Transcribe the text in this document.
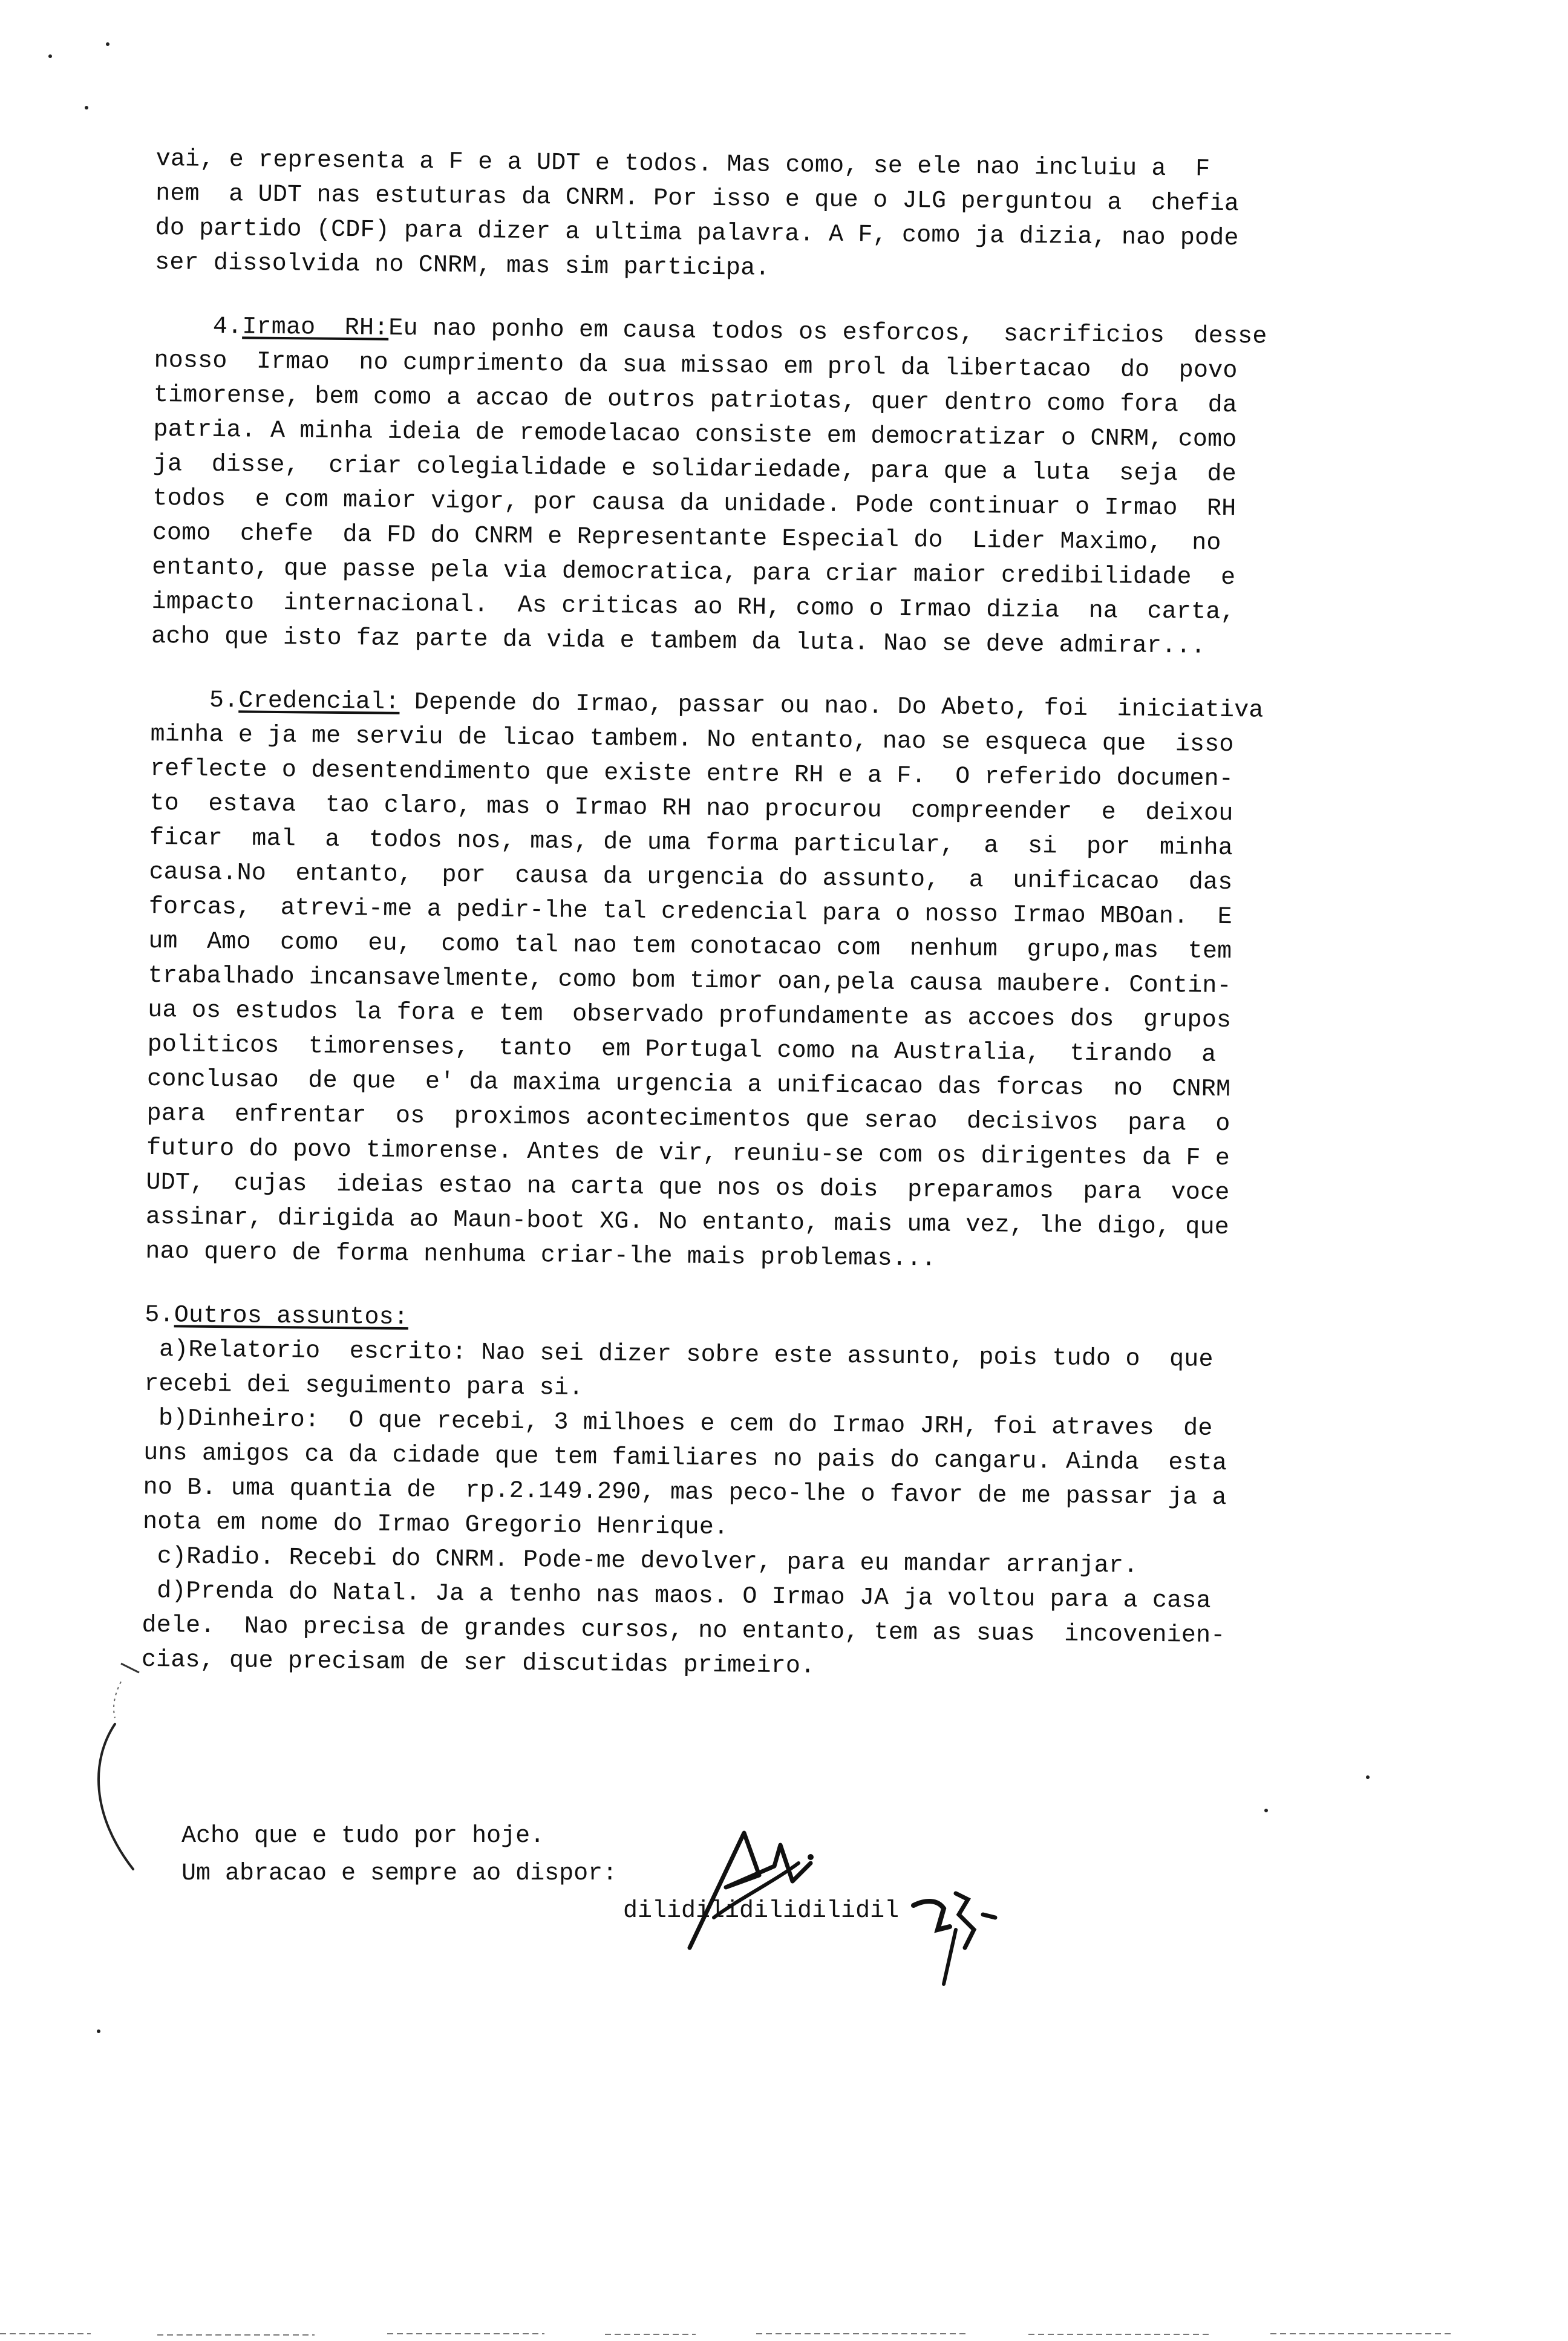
vai, e representa a F e a UDT e todos. Mas como, se ele nao incluiu a  F
nem  a UDT nas estuturas da CNRM. Por isso e que o JLG perguntou a  chefia
do partido (CDF) para dizer a ultima palavra. A F, como ja dizia, nao pode
ser dissolvida no CNRM, mas sim participa.
4.Irmao  RH:Eu nao ponho em causa todos os esforcos,  sacrificios  desse
nosso  Irmao  no cumprimento da sua missao em prol da libertacao  do  povo
timorense, bem como a accao de outros patriotas, quer dentro como fora  da
patria. A minha ideia de remodelacao consiste em democratizar o CNRM, como
ja  disse,  criar colegialidade e solidariedade, para que a luta  seja  de
todos  e com maior vigor, por causa da unidade. Pode continuar o Irmao  RH
como  chefe  da FD do CNRM e Representante Especial do  Lider Maximo,  no
entanto, que passe pela via democratica, para criar maior credibilidade  e
impacto  internacional.  As criticas ao RH, como o Irmao dizia  na  carta,
acho que isto faz parte da vida e tambem da luta. Nao se deve admirar...
5.Credencial: Depende do Irmao, passar ou nao. Do Abeto, foi  iniciativa
minha e ja me serviu de licao tambem. No entanto, nao se esqueca que  isso
reflecte o desentendimento que existe entre RH e a F.  O referido documen-
to  estava  tao claro, mas o Irmao RH nao procurou  compreender  e  deixou
ficar  mal  a  todos nos, mas, de uma forma particular,  a  si  por  minha
causa.No  entanto,  por  causa da urgencia do assunto,  a  unificacao  das
forcas,  atrevi-me a pedir-lhe tal credencial para o nosso Irmao MBOan.  E
um  Amo  como  eu,  como tal nao tem conotacao com  nenhum  grupo,mas  tem
trabalhado incansavelmente, como bom timor oan,pela causa maubere. Contin-
ua os estudos la fora e tem  observado profundamente as accoes dos  grupos
politicos  timorenses,  tanto  em Portugal como na Australia,  tirando  a
conclusao  de que  e' da maxima urgencia a unificacao das forcas  no  CNRM
para  enfrentar  os  proximos acontecimentos que serao  decisivos  para  o
futuro do povo timorense. Antes de vir, reuniu-se com os dirigentes da F e
UDT,  cujas  ideias estao na carta que nos os dois  preparamos  para  voce
assinar, dirigida ao Maun-boot XG. No entanto, mais uma vez, lhe digo, que
nao quero de forma nenhuma criar-lhe mais problemas...
5.Outros assuntos:
a)Relatorio  escrito: Nao sei dizer sobre este assunto, pois tudo o  que
recebi dei seguimento para si.
b)Dinheiro:  O que recebi, 3 milhoes e cem do Irmao JRH, foi atraves  de
uns amigos ca da cidade que tem familiares no pais do cangaru. Ainda  esta
no B. uma quantia de  rp.2.149.290, mas peco-lhe o favor de me passar ja a
nota em nome do Irmao Gregorio Henrique.
c)Radio. Recebi do CNRM. Pode-me devolver, para eu mandar arranjar.
d)Prenda do Natal. Ja a tenho nas maos. O Irmao JA ja voltou para a casa
dele.  Nao precisa de grandes cursos, no entanto, tem as suas  incovenien-
cias, que precisam de ser discutidas primeiro.
Acho que e tudo por hoje.
Um abracao e sempre ao dispor:
dilidilidilidilidil
